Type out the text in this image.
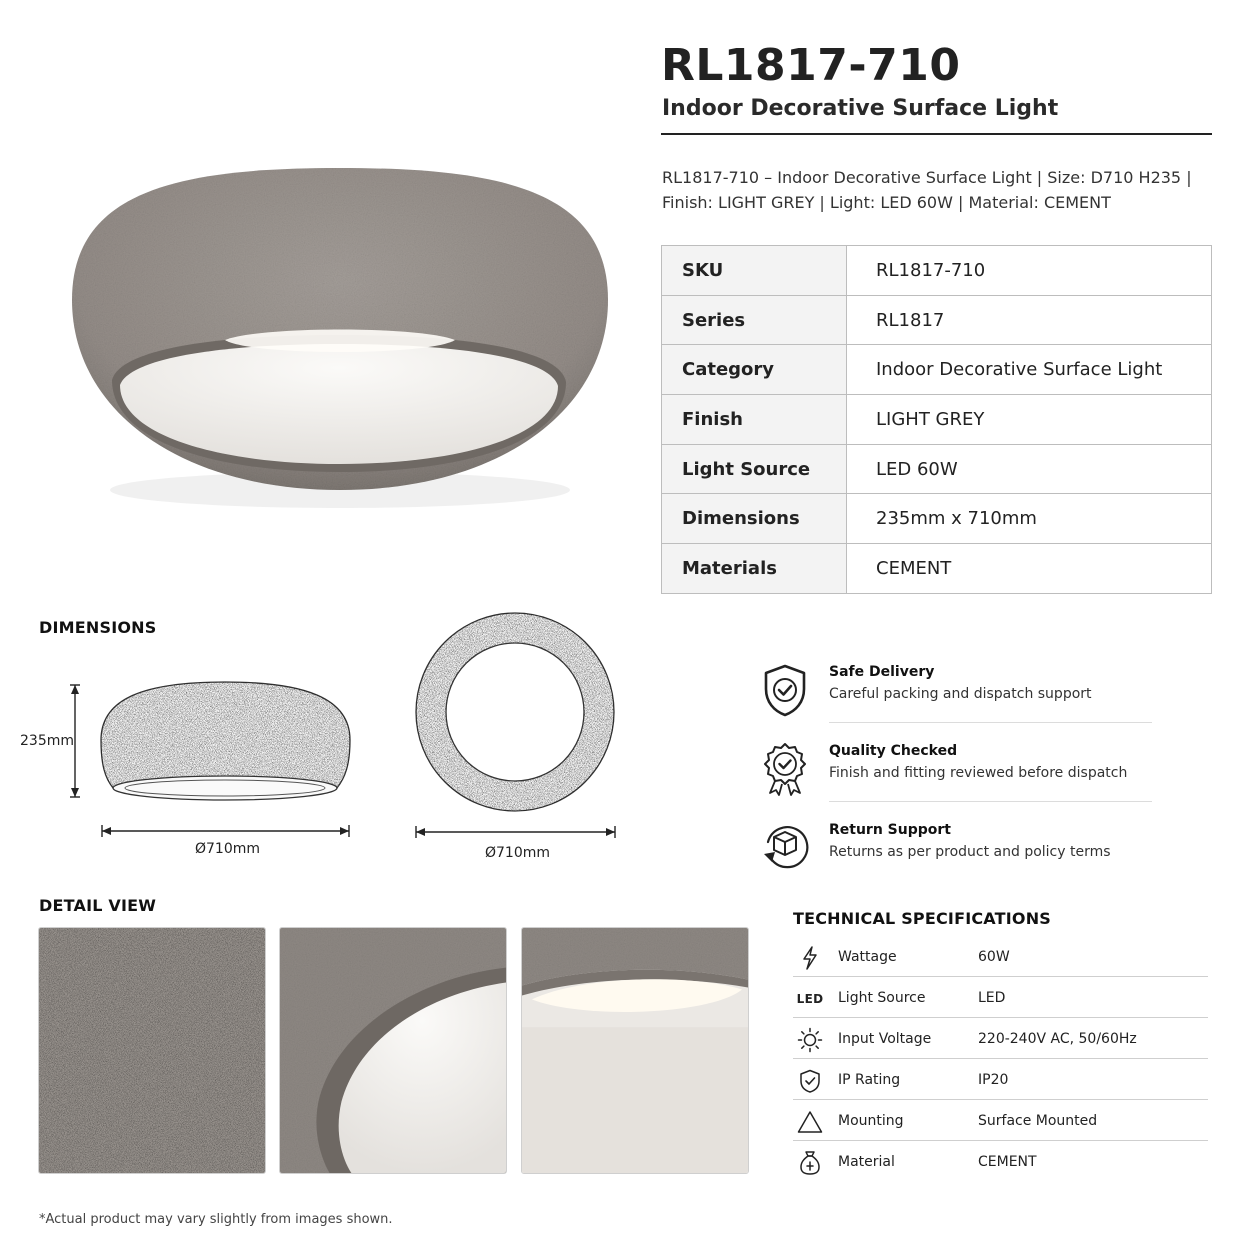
RL1817-710
Indoor Decorative Surface Light
RL1817-710 – Indoor Decorative Surface Light | Size: D710 H235 | Finish: LIGHT GREY | Light: LED 60W | Material: CEMENT
SKU	RL1817-710
Series	RL1817
Category	Indoor Decorative Surface Light
Finish	LIGHT GREY
Light Source	LED 60W
Dimensions	235mm x 710mm
Materials	CEMENT
DIMENSIONS
235mm
Ø710mm	Ø710mm
Safe Delivery
Careful packing and dispatch support
Quality Checked
Finish and fitting reviewed before dispatch
Return Support
Returns as per product and policy terms
DETAIL VIEW
TECHNICAL SPECIFICATIONS
Wattage	60W
LED Light Source	LED
Input Voltage	220-240V AC, 50/60Hz
IP Rating	IP20
Mounting	Surface Mounted
Material	CEMENT
*Actual product may vary slightly from images shown.
